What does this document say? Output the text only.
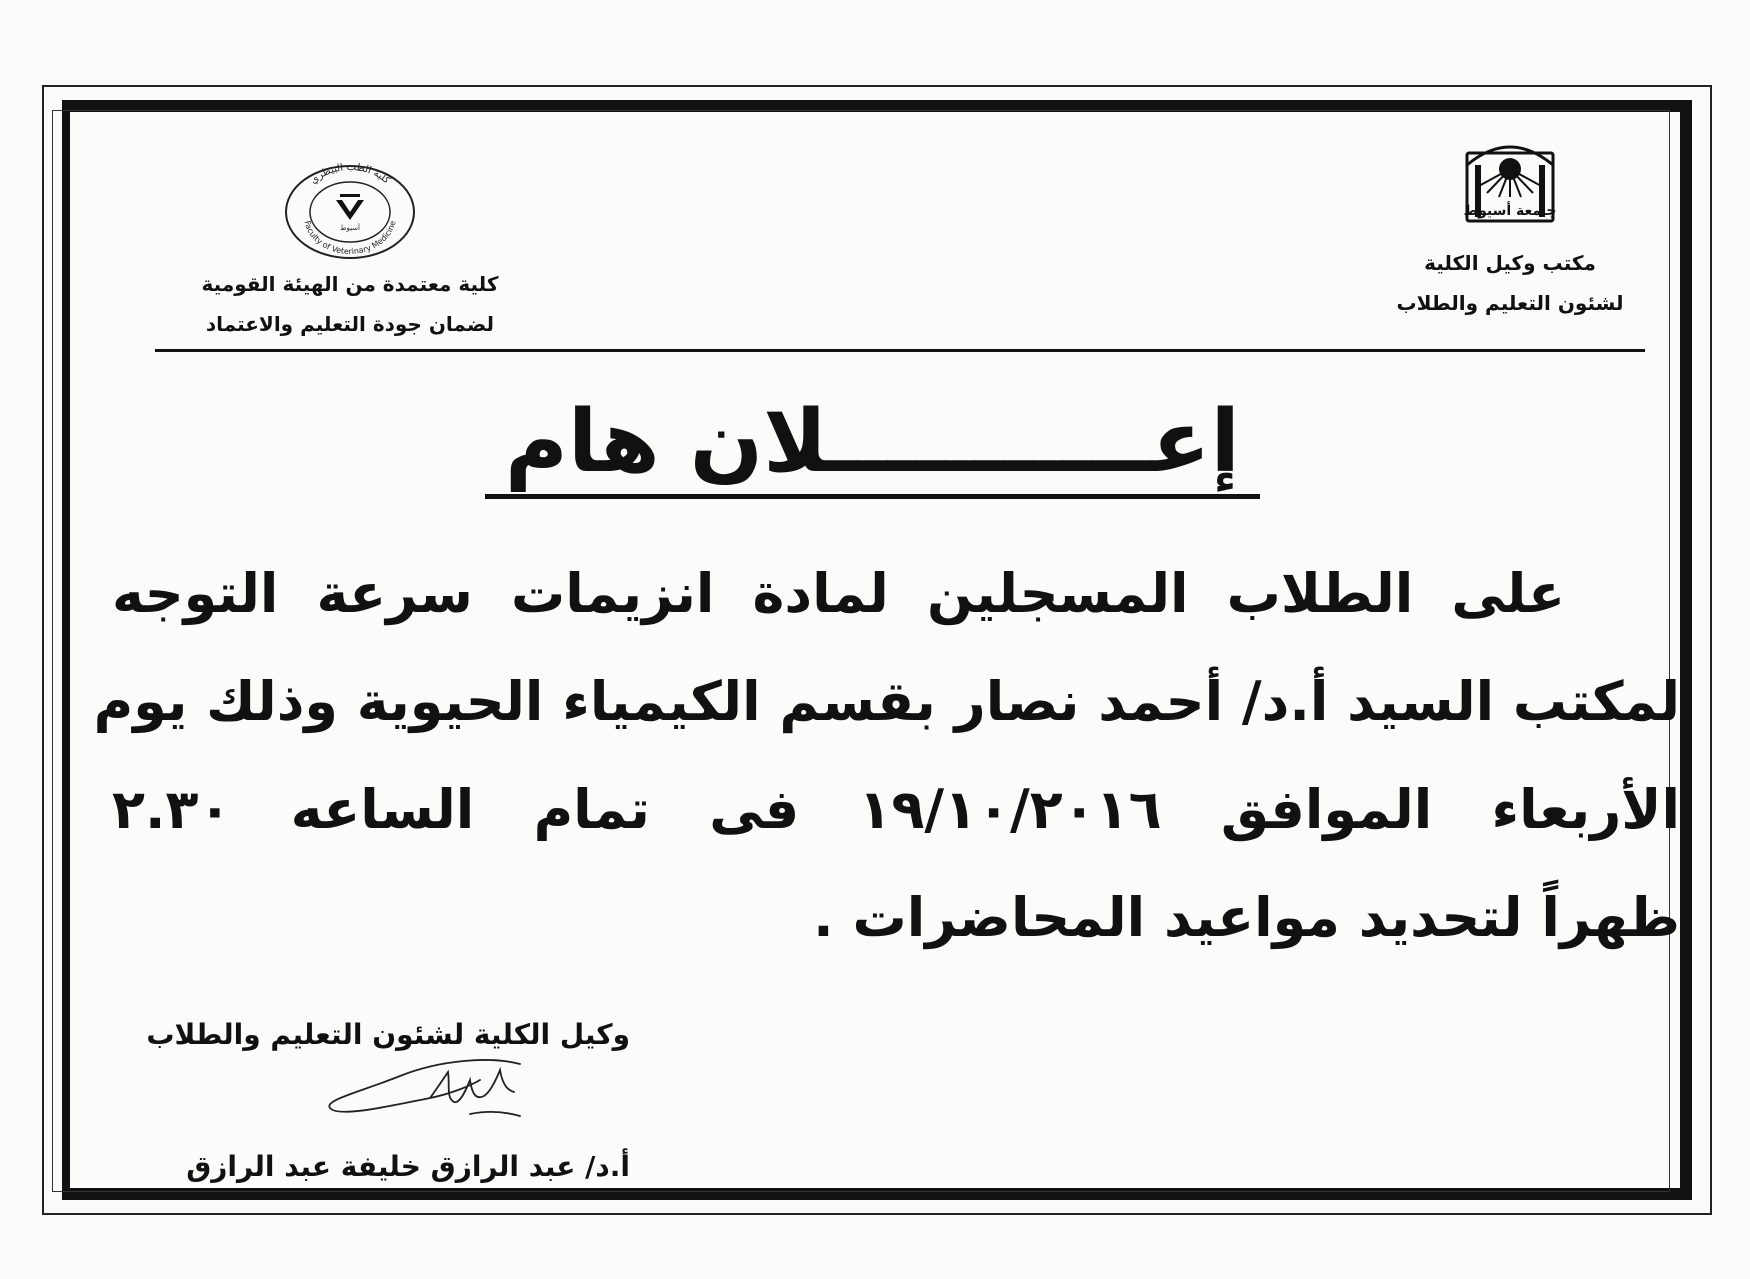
جامعة أسيوط
مكتب وكيل الكلية
لشئون التعليم والطلاب
كلية الطب البيطري
Faculty of Veterinary Medicine
أسيوط
كلية معتمدة من الهيئة القومية
لضمان جودة التعليم والاعتماد
إعـــــــــــلان هام
على الطلاب المسجلين لمادة انزيمات سرعة التوجه
لمكتب السيد أ.د/ أحمد نصار بقسم الكيمياء الحيوية وذلك يوم
الأربعاء الموافق ١٩/١٠/٢٠١٦ فى تمام الساعه ٢.٣٠
ظهراً لتحديد مواعيد المحاضرات .
وكيل الكلية لشئون التعليم والطلاب
أ.د/ عبد الرازق خليفة عبد الرازق
